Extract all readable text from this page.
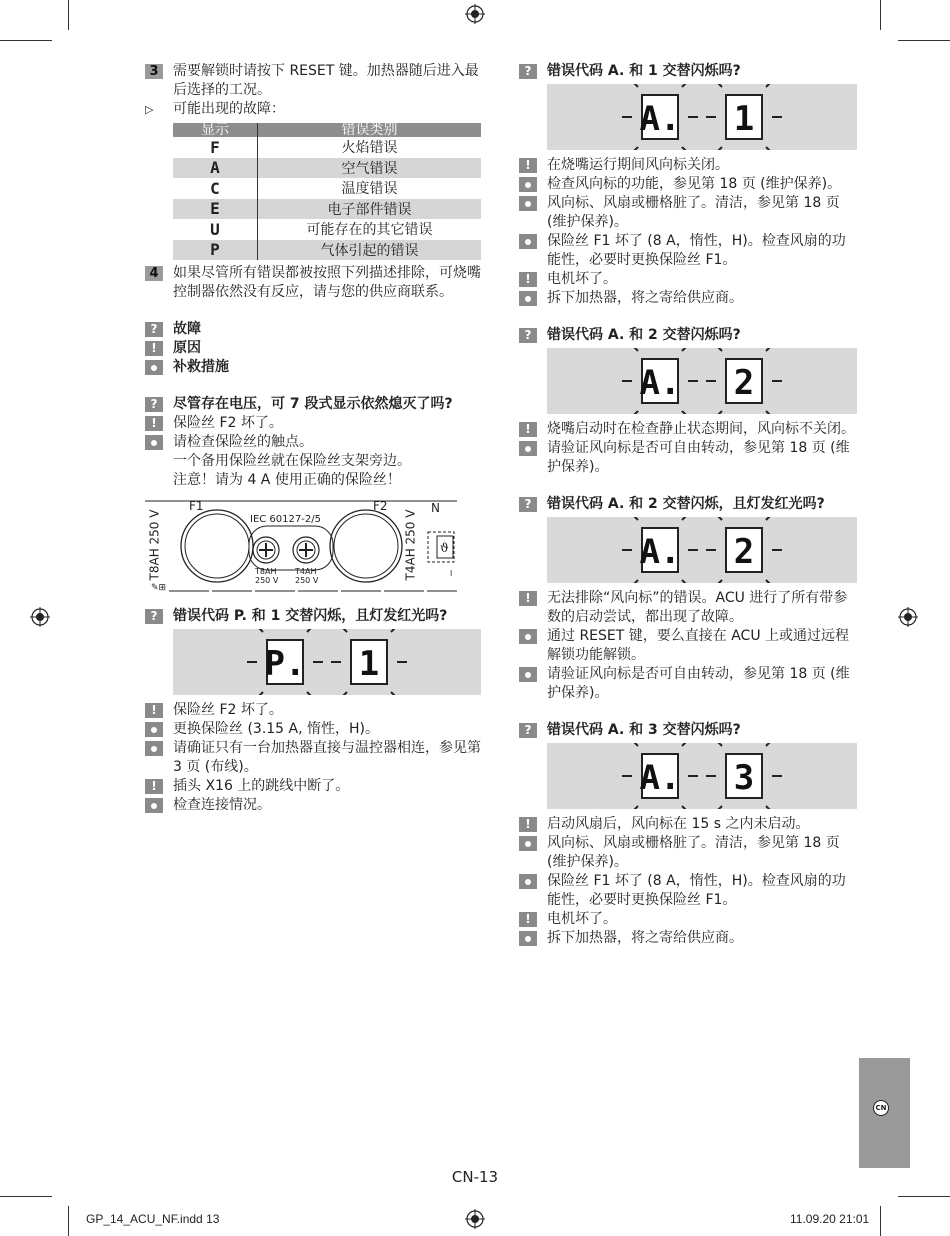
3	需要解锁时请按下 RESET 键。加热器随后进入最后选择的工况。
▷	可能出现的故障：
显示	错误类别
F	火焰错误
A	空气错误
C	温度错误
E	电子部件错误
U	可能存在的其它错误
P	气体引起的错误
4	如果尽管所有错误都被按照下列描述排除，可烧嘴控制器依然没有反应，请与您的供应商联系。
?	故障
!	原因
补救措施
?	尽管存在电压，可 7 段式显示依然熄灭了吗?
!	保险丝 F2 坏了。
请检查保险丝的触点。
一个备用保险丝就在保险丝支架旁边。
注意！请为 4 A 使用正确的保险丝！
ϑ
l
✎⊞
F1	F2	N
IEC 60127-2/5
T8AH 250 V	T4AH 250 V
T8AH
250 V
T4AH
250 V
?	错误代码 P. 和 1 交替闪烁，且灯发红光吗?
P. 1
!	保险丝 F2 坏了。
更换保险丝 (3.15 A, 惰性，H)。
请确证只有一台加热器直接与温控器相连，参见第 3 页 (布线)。
!	插头 X16 上的跳线中断了。
检查连接情况。
?	错误代码 A. 和 1 交替闪烁吗?
A. 1
!	在烧嘴运行期间风向标关闭。
检查风向标的功能，参见第 18 页 (维护保养)。
风向标、风扇或栅格脏了。清洁，参见第 18 页 (维护保养)。
保险丝 F1 坏了 (8 A，惰性，H)。检查风扇的功能性，必要时更换保险丝 F1。
!	电机坏了。
拆下加热器，将之寄给供应商。
?	错误代码 A. 和 2 交替闪烁吗?
A. 2
!	烧嘴启动时在检查静止状态期间，风向标不关闭。
请验证风向标是否可自由转动，参见第 18 页 (维护保养)。
?	错误代码 A. 和 2 交替闪烁，且灯发红光吗?
A. 2
!	无法排除“风向标”的错误。ACU 进行了所有带参数的启动尝试，都出现了故障。
通过 RESET 键，要么直接在 ACU 上或通过远程解锁功能解锁。
请验证风向标是否可自由转动，参见第 18 页 (维护保养)。
?	错误代码 A. 和 3 交替闪烁吗?
A. 3
!	启动风扇后，风向标在 15 s 之内未启动。
风向标、风扇或栅格脏了。清洁，参见第 18 页 (维护保养)。
保险丝 F1 坏了 (8 A，惰性，H)。检查风扇的功能性，必要时更换保险丝 F1。
!	电机坏了。
拆下加热器，将之寄给供应商。
CN
CN-13
GP_14_ACU_NF.indd 13	11.09.20 21:01
